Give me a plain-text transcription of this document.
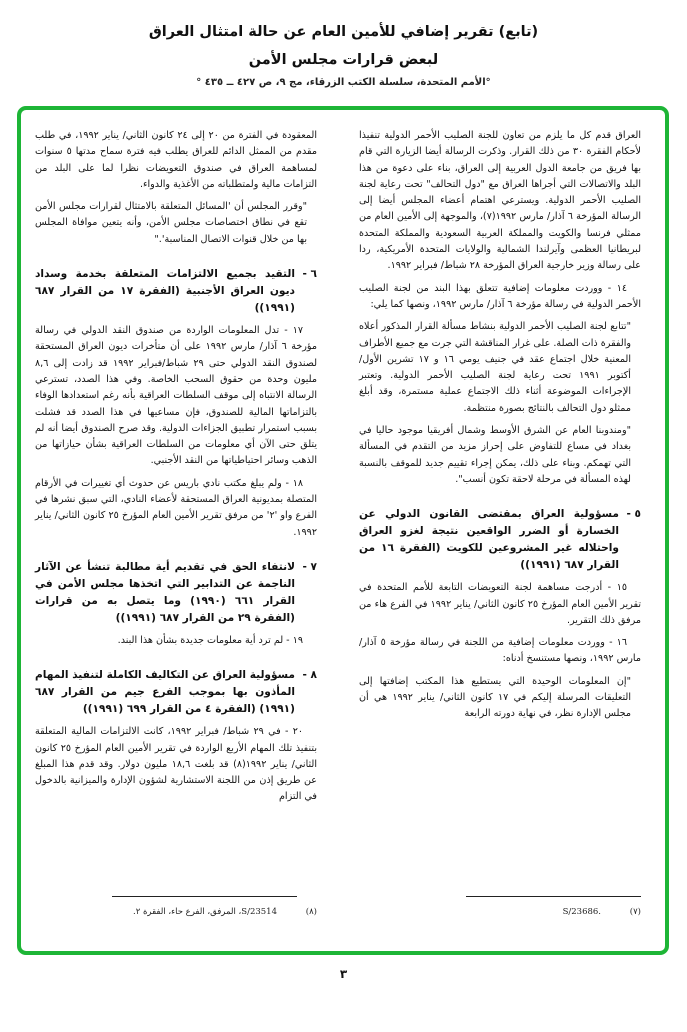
(تابع) تقرير إضافي للأمين العام عن حالة امتثال العراق
لبعض قرارات مجلس الأمن
°الأمم المتحدة، سلسلة الكتب الزرقاء، مج ٩، ص ٤٢٧ ــ ٤٣٥ °

العراق قدم كل ما يلزم من تعاون للجنة الصليب الأحمر الدولية تنفيذا لأحكام الفقرة ٣٠ من ذلك القرار. وذكرت الرسالة أيضا الزيارة التي قام بها فريق من جامعة الدول العربية إلى العراق، بناء على دعوة من هذا البلد والاتصالات التي أجراها العراق مع "دول التحالف" تحت رعاية لجنة الصليب الأحمر الدولية. ويسترعي اهتمام أعضاء المجلس أيضا إلى الرسالة المؤرخة ٦ آذار/ مارس ١٩٩٢(٧)، والموجهة إلى الأمين العام من ممثلي فرنسا والكويت والمملكة العربية السعودية والمملكة المتحدة لبريطانيا العظمى وآيرلندا الشمالية والولايات المتحدة الأمريكية، ردا على رسالة وزير خارجية العراق المؤرخة ٢٨ شباط/ فبراير ١٩٩٢.

١٤ - ووردت معلومات إضافية تتعلق بهذا البند من لجنة الصليب الأحمر الدولية في رسالة مؤرخة ٦ آذار/ مارس ١٩٩٢، ونصها كما يلي:

"تتابع لجنة الصليب الأحمر الدولية بنشاط مسألة القرار المذكور أعلاه والفقرة ذات الصلة. على غرار المناقشة التي جرت مع جميع الأطراف المعنية خلال اجتماع عقد في جنيف يومي ١٦ و ١٧ تشرين الأول/ أكتوبر ١٩٩١ تحت رعاية لجنة الصليب الأحمر الدولية. وتعتبر الإجراءات الموضوعة أثناء ذلك الاجتماع عملية مستمرة، وقد أبلغ ممثلو دول التحالف بالنتائج بصورة منتظمة.

"ومندوبنا العام عن الشرق الأوسط وشمال أفريقيا موجود حاليا في بغداد في مساع للتفاوض على إحراز مزيد من التقدم في المسألة التي تهمكم. وبناء على ذلك، يمكن إجراء تقييم جديد للموقف بالنسبة لهذه المسألة في مرحلة لاحقة تكون أنسب".

٥ -
مسؤولية العراق بمقتضى القانون الدولي عن الخسارة أو الضرر الواقعين نتيجة لغزو العراق واحتلاله غير المشروعين للكويت (الفقرة ١٦ من القرار ٦٨٧ (١٩٩١))

١٥ - أدرجت مساهمة لجنة التعويضات التابعة للأمم المتحدة في تقرير الأمين العام المؤرخ ٢٥ كانون الثاني/ يناير ١٩٩٢ في الفرع هاء من مرفق ذلك التقرير.

١٦ - ووردت معلومات إضافية من اللجنة في رسالة مؤرخة ٥ آذار/ مارس ١٩٩٢، ونصها مستنسخ أدناه:

"إن المعلومات الوحيدة التي يستطيع هذا المكتب إضافتها إلى التعليقات المرسلة إليكم في ١٧ كانون الثاني/ يناير ١٩٩٢ هي أن مجلس الإدارة نظر، في نهاية دورته الرابعة

المعقودة في الفترة من ٢٠ إلى ٢٤ كانون الثاني/ يناير ١٩٩٢، في طلب مقدم من الممثل الدائم للعراق يطلب فيه فترة سماح مدتها ٥ سنوات لمساهمة العراق في صندوق التعويضات نظرا لما على البلد من التزامات مالية ولمتطلباته من الأغذية والدواء.

"وقرر المجلس أن 'المسائل المتعلقة بالامتثال لقرارات مجلس الأمن تقع في نطاق اختصاصات مجلس الأمن، وأنه يتعين موافاة المجلس بها من خلال قنوات الاتصال المناسبة'."

٦ -
التقيد بجميع الالتزامات المتعلقة بخدمة وسداد ديون العراق الأجنبية (الفقرة ١٧ من القرار ٦٨٧ (١٩٩١))

١٧ - تدل المعلومات الواردة من صندوق النقد الدولي في رسالة مؤرخة ٦ آذار/ مارس ١٩٩٢ على أن متأخرات ديون العراق المستحقة لصندوق النقد الدولي حتى ٢٩ شباط/فبراير ١٩٩٢ قد زادت إلى ٨,٦ مليون وحدة من حقوق السحب الخاصة. وفي هذا الصدد، تسترعي الرسالة الانتباه إلى موقف السلطات العراقية بأنه رغم استعدادها الوفاء بالتزاماتها المالية للصندوق، فإن مساعيها في هذا الصدد قد فشلت بسبب استمرار تطبيق الجزاءات الدولية. وقد صرح الصندوق أيضا أنه لم يتلق حتى الآن أي معلومات من السلطات العراقية بشأن حيازاتها من الذهب وسائر احتياطياتها من النقد الأجنبي.

١٨ - ولم يبلغ مكتب نادي باريس عن حدوث أي تغييرات في الأرقام المتصلة بمديونية العراق المستحقة لأعضاء النادي، التي سبق نشرها في الفرع واو '٢' من مرفق تقرير الأمين العام المؤرخ ٢٥ كانون الثاني/ يناير ١٩٩٢.

٧ -
لانتفاء الحق في تقديم أية مطالبة تنشأ عن الآثار الناجمة عن التدابير التي اتخذها مجلس الأمن في القرار ٦٦١ (١٩٩٠) وما يتصل به من قرارات (الفقرة ٢٩ من القرار ٦٨٧ (١٩٩١))

١٩ - لم ترد أية معلومات جديدة بشأن هذا البند.

٨ -
مسؤولية العراق عن التكاليف الكاملة لتنفيذ المهام المأذون بها بموجب الفرع جيم من القرار ٦٨٧ (١٩٩١) (الفقرة ٤ من القرار ٦٩٩ (١٩٩١))

٢٠ - في ٢٩ شباط/ فبراير ١٩٩٢، كانت الالتزامات المالية المتعلقة بتنفيذ تلك المهام الأربع الواردة في تقرير الأمين العام المؤرخ ٢٥ كانون الثاني/ يناير ١٩٩٢(٨) قد بلغت ١٨,٦ مليون دولار. وقد قدم هذا المبلغ عن طريق إذن من اللجنة الاستشارية لشؤون الإدارة والميزانية بالدخول في التزام

(٧)
.S/23686
(٨)
S/23514، المرفق، الفرع حاء، الفقرة ٢.
٣
